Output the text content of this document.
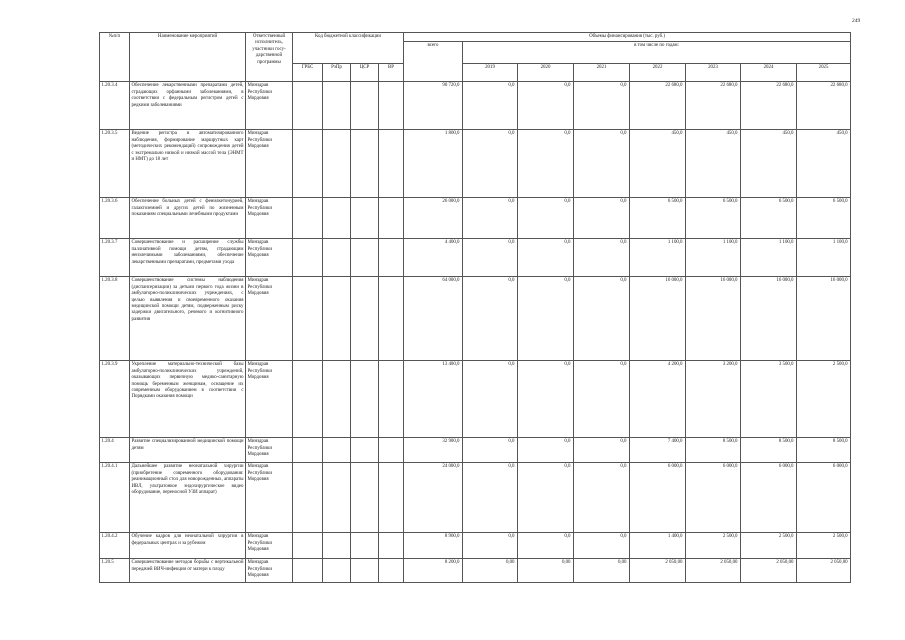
249
№п/п	Наименование мероприятий	Ответственный исполнитель, участники госу- дарственной программы	Код бюджетной классификации				Объемы финансирования (тыс. руб.)							
							всего	в том числе по годам:						
			ГРБС	РзПр	ЦСР	ВР		2019	2020	2021	2022	2023	2024	2025
1.20.3.4	Обеспечение лекарственными препаратами детей, страдающих орфанными заболеваниями, в соответствии с федеральным регистром детей с редкими заболеваниями	Минздрав Республики Мордовия					90 720,0	0,0	0,0	0,0	22 680,0	22 680,0	22 680,0	22 680,0
1.20.3.5	Ведение регистра и автоматизированного наблюдения, формирование маршрутных карт (методических рекомендаций) сопровождения детей с экстремально низкой и низкой массой тела (ЭНМТ и НМТ) до 18 лет	Минздрав Республики Мордовия					1 800,0	0,0	0,0	0,0	450,0	450,0	450,0	450,0
1.20.3.6	Обеспечение больных детей с фенилкетонурией, галактоземией и других детей по жизненным показаниям специальными лечебными продуктами	Минздрав Республики Мордовия					26 000,0	0,0	0,0	0,0	6 500,0	6 500,0	6 500,0	6 500,0
1.20.3.7	Совершенствование и расширение службы паллиативной помощи детям, страдающим неизлечимыми заболеваниями, обеспечение лекарственными препаратами, предметами ухода	Минздрав Республики Мордовия					4 400,0	0,0	0,0	0,0	1 100,0	1 100,0	1 100,0	1 100,0
1.20.3.8	Совершенствование системы наблюдения (диспансеризации) за детьми первого года жизни в амбулаторно-поликлинических учреждениях, с целью выявления и своевременного оказания медицинской помощи детям, подверженным риску задержки двигательного, речевого и когнитивного развития	Минздрав Республики Мордовия					64 000,0	0,0	0,0	0,0	16 000,0	16 000,0	16 000,0	16 000,0
1.20.3.9	Укрепление материально-технической базы амбулаторно-поликлинических учреждений, оказывающих первичную медико-санитарную помощь беременным женщинам, оснащение их современным оборудованием в соответствии с Порядками оказания помощи	Минздрав Республики Мордовия					13 400,0	0,0	0,0	0,0	4 200,0	3 200,0	3 500,0	2 500,0
1.20.4	Развитие специализированной медицинской помощи детям	Минздрав Республики Мордовия					32 900,0	0,0	0,0	0,0	7 400,0	8 500,0	8 500,0	8 500,0
1.20.4.1	Дальнейшее развитие неонатальной хирургии (приобретение современного оборудования: реанимационный стол для новорожденных, аппараты ИВЛ, ультратонкое эндохирургическое видео оборудование, переносной УЗИ аппарат)	Минздрав Республики Мордовия					24 000,0	0,0	0,0	0,0	6 000,0	6 000,0	6 000,0	6 000,0
1.20.4.2	Обучение кадров для неонатальной хирургии в федеральных центрах и за рубежом	Минздрав Республики Мордовия					8 900,0	0,0	0,0	0,0	1 400,0	2 500,0	2 500,0	2 500,0
1.20.5	Совершенствование методов борьбы с вертикальной передачей ВИЧ-инфекции от матери к плоду	Минздрав Республики Мордовия					8 200,0	0,00	0,00	0,00	2 050,00	2 050,00	2 050,00	2 050,00
